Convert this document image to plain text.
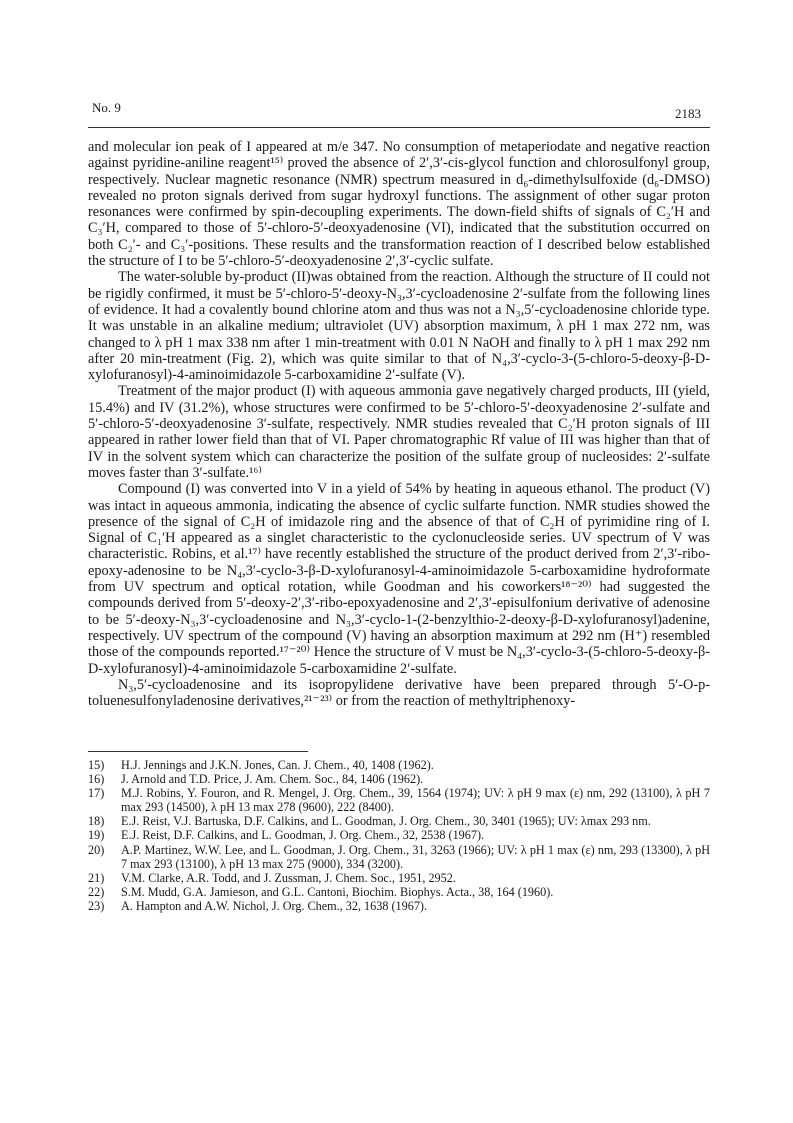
No. 9	2183

and molecular ion peak of I appeared at m/e 347. No consumption of metaperiodate and negative reaction against pyridine-aniline reagent¹⁵⁾ proved the absence of 2′,3′-cis-glycol function and chlorosulfonyl group, respectively. Nuclear magnetic resonance (NMR) spectrum measured in d₆-dimethylsulfoxide (d₆-DMSO) revealed no proton signals derived from sugar hydroxyl functions. The assignment of other sugar proton resonances were confirmed by spin-decoupling experiments. The down-field shifts of signals of C₂′H and C₃′H, compared to those of 5′-chloro-5′-deoxyadenosine (VI), indicated that the substitution occurred on both C₂′- and C₃′-positions. These results and the transformation reaction of I described below established the structure of I to be 5′-chloro-5′-deoxyadenosine 2′,3′-cyclic sulfate.

The water-soluble by-product (II)was obtained from the reaction. Although the structure of II could not be rigidly confirmed, it must be 5′-chloro-5′-deoxy-N₃,3′-cycloadenosine 2′-sulfate from the following lines of evidence. It had a covalently bound chlorine atom and thus was not a N₃,5′-cycloadenosine chloride type. It was unstable in an alkaline medium; ultraviolet (UV) absorption maximum, λ pH 1 max 272 nm, was changed to λ pH 1 max 338 nm after 1 min-treatment with 0.01 N NaOH and finally to λ pH 1 max 292 nm after 20 min-treatment (Fig. 2), which was quite similar to that of N₄,3′-cyclo-3-(5-chloro-5-deoxy-β-D-xylofuranosyl)-4-aminoimidazole 5-carboxamidine 2′-sulfate (V).

Treatment of the major product (I) with aqueous ammonia gave negatively charged products, III (yield, 15.4%) and IV (31.2%), whose structures were confirmed to be 5′-chloro-5′-deoxyadenosine 2′-sulfate and 5′-chloro-5′-deoxyadenosine 3′-sulfate, respectively. NMR studies revealed that C₂′H proton signals of III appeared in rather lower field than that of VI. Paper chromatographic Rf value of III was higher than that of IV in the solvent system which can characterize the position of the sulfate group of nucleosides: 2′-sulfate moves faster than 3′-sulfate.¹⁶⁾

Compound (I) was converted into V in a yield of 54% by heating in aqueous ethanol. The product (V) was intact in aqueous ammonia, indicating the absence of cyclic sulfarte function. NMR studies showed the presence of the signal of C₂H of imidazole ring and the absence of that of C₂H of pyrimidine ring of I. Signal of C₁′H appeared as a singlet characteristic to the cyclonucleoside series. UV spectrum of V was characteristic. Robins, et al.¹⁷⁾ have recently established the structure of the product derived from 2′,3′-ribo-epoxy-adenosine to be N₄,3′-cyclo-3-β-D-xylofuranosyl-4-aminoimidazole 5-carboxamidine hydroformate from UV spectrum and optical rotation, while Goodman and his coworkers¹⁸⁻²⁰⁾ had suggested the compounds derived from 5′-deoxy-2′,3′-ribo-epoxyadenosine and 2′,3′-episulfonium derivative of adenosine to be 5′-deoxy-N₃,3′-cycloadenosine and N₃,3′-cyclo-1-(2-benzylthio-2-deoxy-β-D-xylofuranosyl)adenine, respectively. UV spectrum of the compound (V) having an absorption maximum at 292 nm (H⁺) resembled those of the compounds reported.¹⁷⁻²⁰⁾ Hence the structure of V must be N₄,3′-cyclo-3-(5-chloro-5-deoxy-β-D-xylofuranosyl)-4-aminoimidazole 5-carboxamidine 2′-sulfate.

N₃,5′-cycloadenosine and its isopropylidene derivative have been prepared through 5′-O-p-toluenesulfonyladenosine derivatives,²¹⁻²³⁾ or from the reaction of methyltriphenoxy-

15) H.J. Jennings and J.K.N. Jones, Can. J. Chem., 40, 1408 (1962).
16) J. Arnold and T.D. Price, J. Am. Chem. Soc., 84, 1406 (1962).
17) M.J. Robins, Y. Fouron, and R. Mengel, J. Org. Chem., 39, 1564 (1974); UV: λ pH 9 max (ε) nm, 292 (13100), λ pH 7 max 293 (14500), λ pH 13 max 278 (9600), 222 (8400).
18) E.J. Reist, V.J. Bartuska, D.F. Calkins, and L. Goodman, J. Org. Chem., 30, 3401 (1965); UV: λmax 293 nm.
19) E.J. Reist, D.F. Calkins, and L. Goodman, J. Org. Chem., 32, 2538 (1967).
20) A.P. Martinez, W.W. Lee, and L. Goodman, J. Org. Chem., 31, 3263 (1966); UV: λ pH 1 max (ε) nm, 293 (13300), λ pH 7 max 293 (13100), λ pH 13 max 275 (9000), 334 (3200).
21) V.M. Clarke, A.R. Todd, and J. Zussman, J. Chem. Soc., 1951, 2952.
22) S.M. Mudd, G.A. Jamieson, and G.L. Cantoni, Biochim. Biophys. Acta., 38, 164 (1960).
23) A. Hampton and A.W. Nichol, J. Org. Chem., 32, 1638 (1967).
